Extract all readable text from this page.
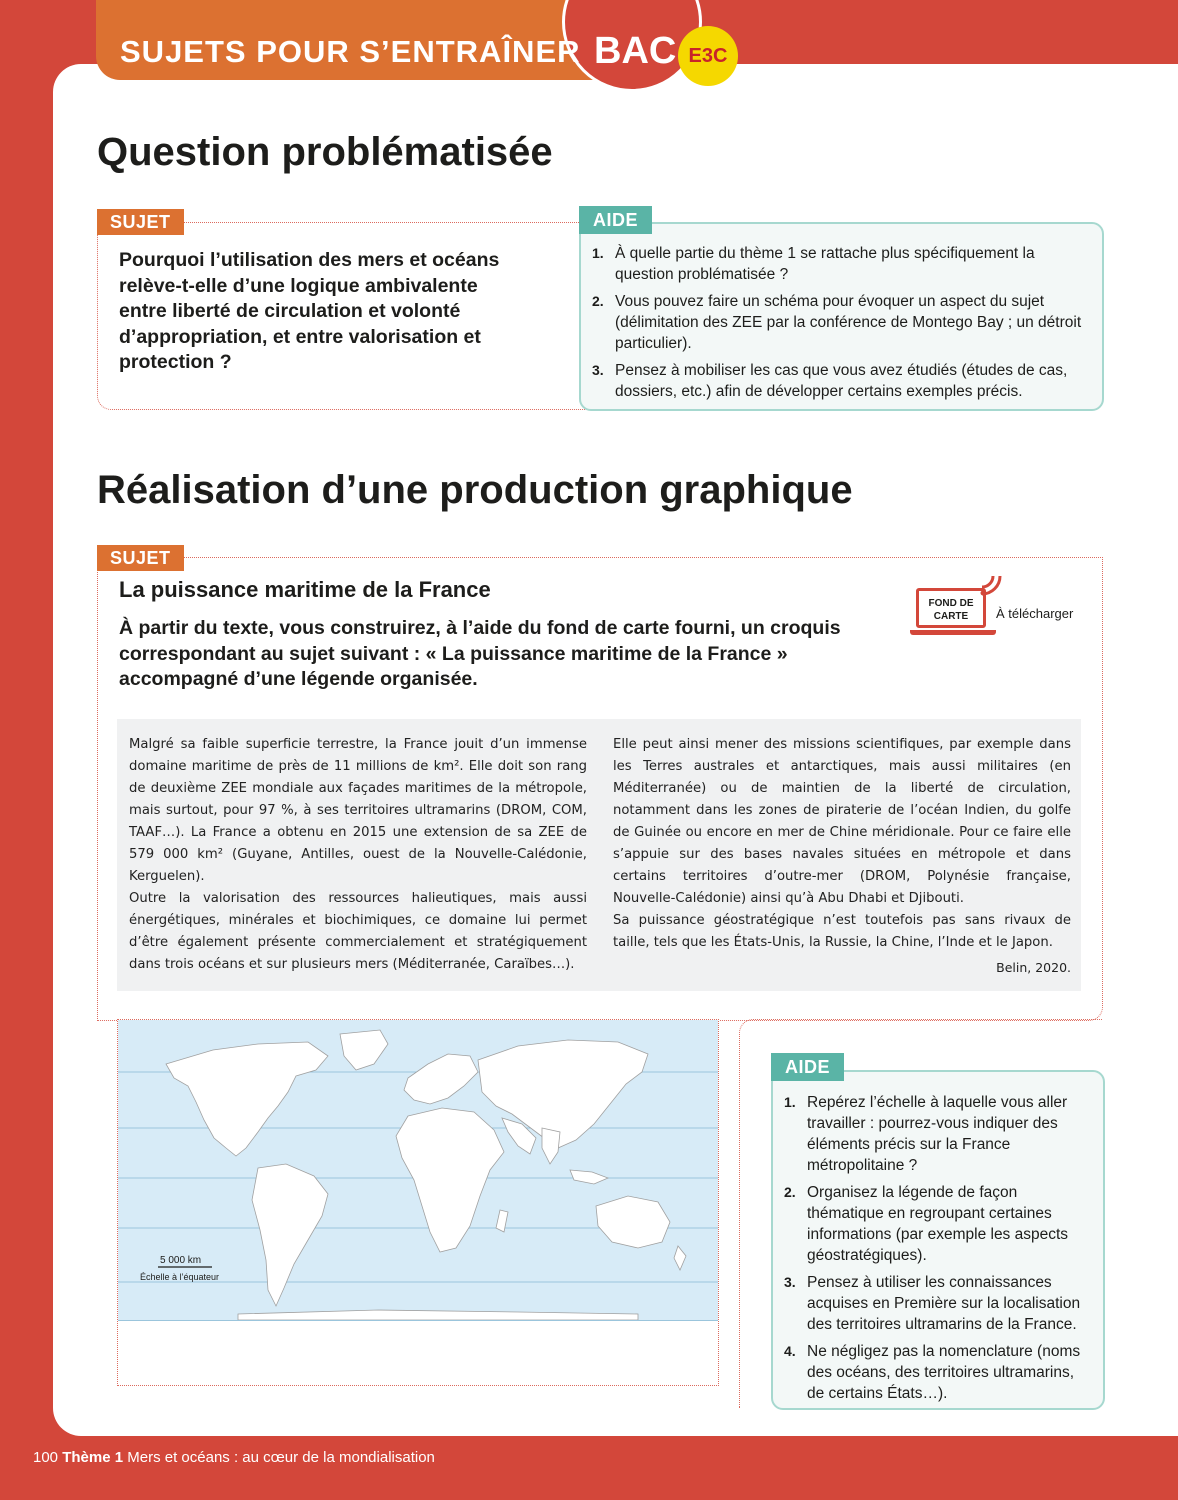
SUJETS POUR S’ENTRAÎNER BAC E3C
Question problématisée
SUJET
Pourquoi l’utilisation des mers et océans relève-t-elle d’une logique ambivalente entre liberté de circulation et volonté d’appropriation, et entre valorisation et protection ?
AIDE
À quelle partie du thème 1 se rattache plus spécifiquement la question problématisée ?
Vous pouvez faire un schéma pour évoquer un aspect du sujet (délimitation des ZEE par la conférence de Montego Bay ; un détroit particulier).
Pensez à mobiliser les cas que vous avez étudiés (études de cas, dossiers, etc.) afin de développer certains exemples précis.
Réalisation d’une production graphique
SUJET
La puissance maritime de la France
À partir du texte, vous construirez, à l’aide du fond de carte fourni, un croquis correspondant au sujet suivant : « La puissance maritime de la France » accompagné d’une légende organisée.
FOND DE CARTE	À télécharger

Malgré sa faible superficie terrestre, la France jouit d’un immense domaine maritime de près de 11 millions de km². Elle doit son rang de deuxième ZEE mondiale aux façades maritimes de la métropole, mais surtout, pour 97 %, à ses territoires ultramarins (DROM, COM, TAAF…). La France a obtenu en 2015 une extension de sa ZEE de 579 000 km² (Guyane, Antilles, ouest de la Nouvelle-Calédonie, Kerguelen).

Outre la valorisation des ressources halieutiques, mais aussi énergétiques, minérales et biochimiques, ce domaine lui permet d’être également présente commercialement et stratégiquement dans trois océans et sur plusieurs mers (Méditerranée, Caraïbes…).

Elle peut ainsi mener des missions scientifiques, par exemple dans les Terres australes et antarctiques, mais aussi militaires (en Méditerranée) ou de maintien de la liberté de circulation, notamment dans les zones de piraterie de l’océan Indien, du golfe de Guinée ou encore en mer de Chine méridionale. Pour ce faire elle s’appuie sur des bases navales situées en métropole et dans certains territoires d’outre-mer (DROM, Polynésie française, Nouvelle-Calédonie) ainsi qu’à Abu Dhabi et Djibouti.

Sa puissance géostratégique n’est toutefois pas sans rivaux de taille, tels que les États-Unis, la Russie, la Chine, l’Inde et le Japon.

Belin, 2020.
5 000 km
Échelle à l’équateur
AIDE
Repérez l’échelle à laquelle vous aller travailler : pourrez-vous indiquer des éléments précis sur la France métropolitaine ?
Organisez la légende de façon thématique en regroupant certaines informations (par exemple les aspects géostratégiques).
Pensez à utiliser les connaissances acquises en Première sur la localisation des territoires ultramarins de la France.
Ne négligez pas la nomenclature (noms des océans, des territoires ultramarins, de certains États…).
100 Thème 1 Mers et océans : au cœur de la mondialisation
